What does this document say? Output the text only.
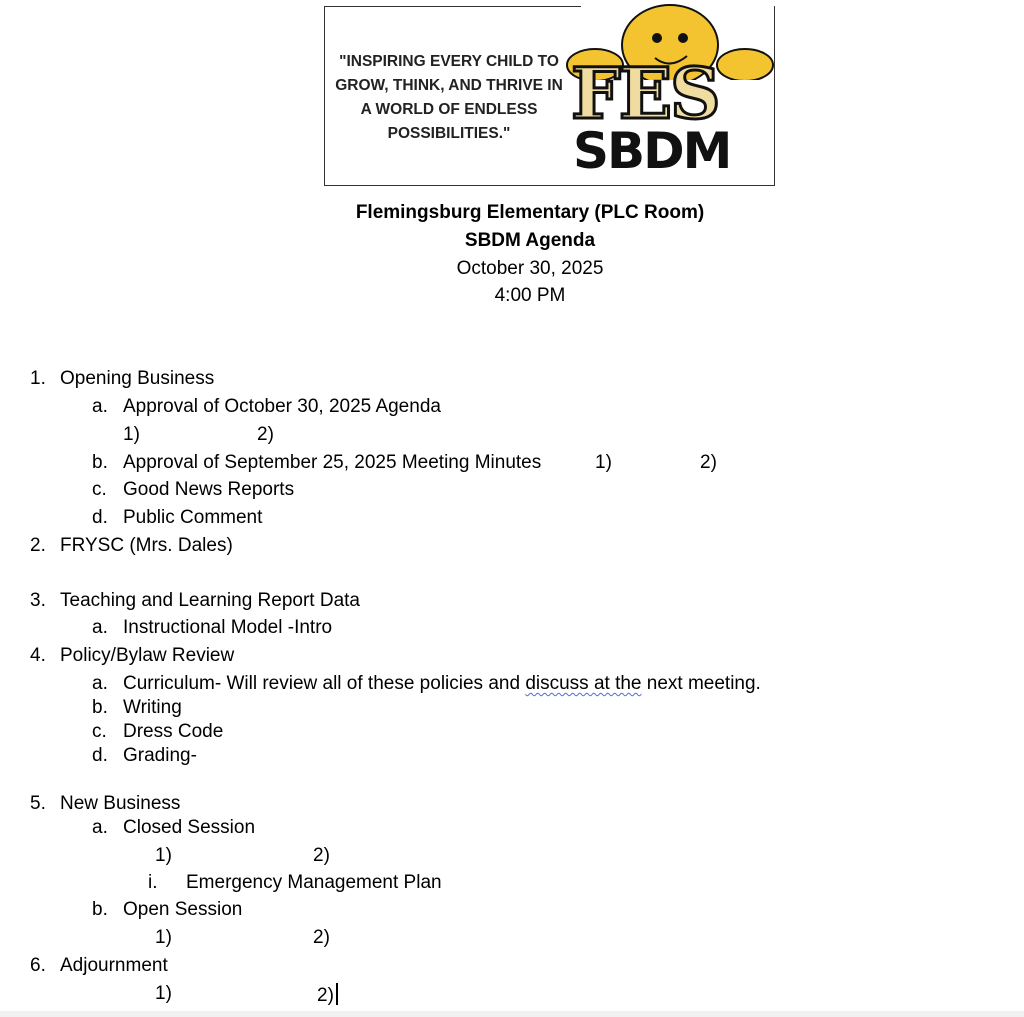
"INSPIRING EVERY CHILD TO GROW, THINK, AND THRIVE IN A WORLD OF ENDLESS POSSIBILITIES." FES
SBDM
Flemingsburg Elementary (PLC Room)
SBDM Agenda
October 30, 2025
4:00 PM
1. Opening Business
a. Approval of October 30, 2025 Agenda
1)	2)
b. Approval of September 25, 2025 Meeting Minutes	1)	2)
c. Good News Reports
d. Public Comment
2. FRYSC (Mrs. Dales)
3. Teaching and Learning Report Data
a. Instructional Model -Intro
4. Policy/Bylaw Review
a. Curriculum- Will review all of these policies and discuss at the next meeting.
b. Writing
c. Dress Code
d. Grading-
5. New Business
a. Closed Session
1)	2)
i. Emergency Management Plan
b. Open Session
1)	2)
6. Adjournment
1)	2)
